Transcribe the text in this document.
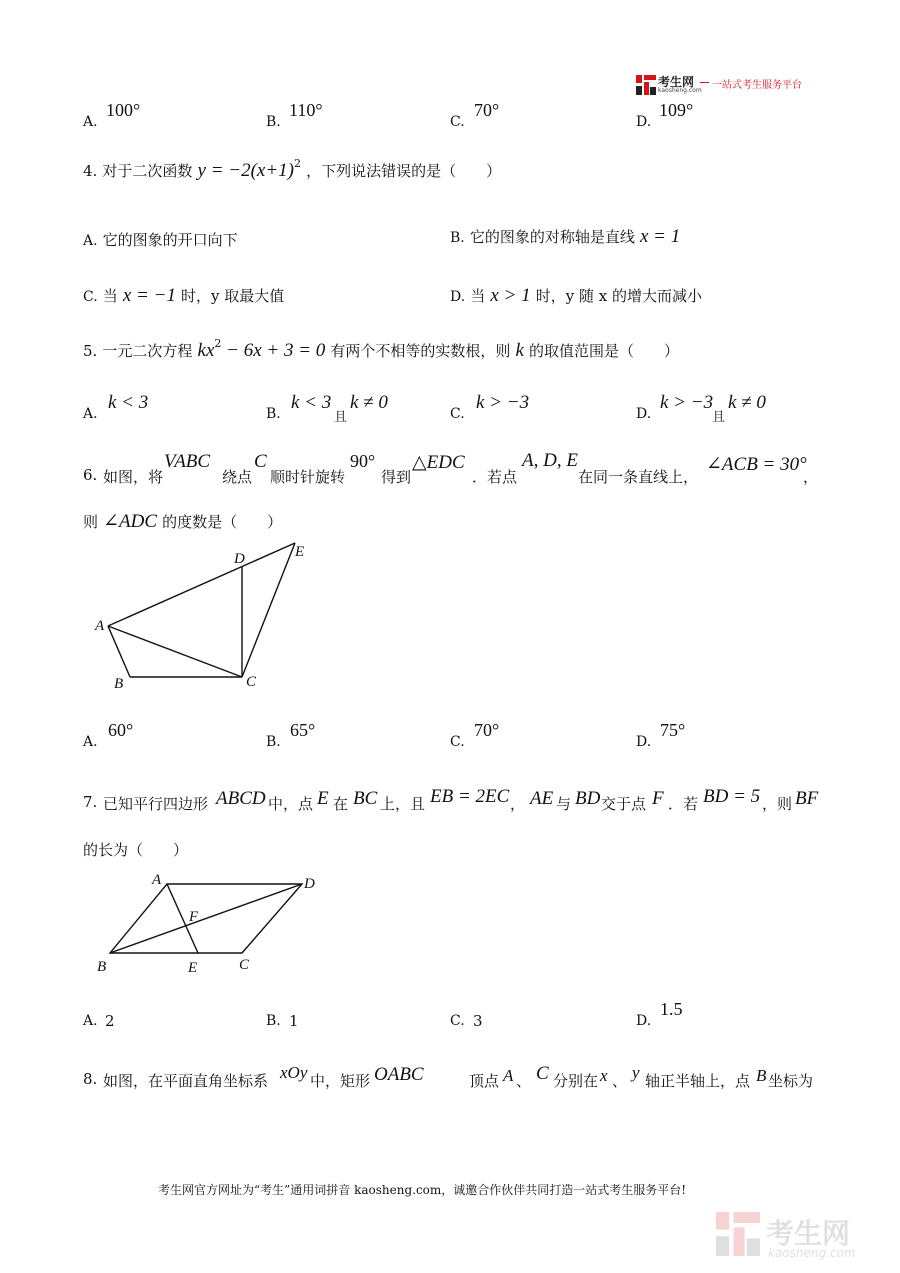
考生网
kaosheng.com 一站式考生服务平台
A.
100°
B.
110°
C.
70°
D.
109°
4. 对于二次函数 $y = -2(x+1)^2$ ，下列说法错误的是（　　）
A. 它的图象的开口向下	B. 它的图象的对称轴是直线 x = 1
C. 当 x = −1 时，y 取最大值	D. 当 x > 1 时，y 随 x 的增大而减小
5. 一元二次方程 $kx^2 - 6x + 3 = 0$ 有两个不相等的实数根，则 k 的取值范围是（　　）
A.
k < 3
B.
k < 3
且
k ≠ 0
C.
k > −3
D.
k > −3
且
k ≠ 0
6. 如图，将
VABC
绕点
C
顺时针旋转
90°
得到
△EDC
．若点
A, D, E
在同一条直线上，
∠ACB = 30°
，
则 ∠ADC 的度数是（　　）
A
B	C
D	E
A.
60°
B.
65°
C.
70°
D.
75°
7. 已知平行四边形 ABCD 中，点 E 在 BC 上，且 EB = 2EC ， AE 与 BD 交于点 F ．若 BD = 5 ，则 BF
的长为（　　）
A	D
F
B	E	C
A. 2	B. 1	C. 3	D.
1.5
8. 如图，在平面直角坐标系 xOy 中，矩形 OABC	顶点 A 、 C 分别在 x 、 y 轴正半轴上，点 B 坐标为
考生网官方网址为“考生”通用词拼音 kaosheng.com，诚邀合作伙伴共同打造一站式考生服务平台!
考生网
kaosheng.com
